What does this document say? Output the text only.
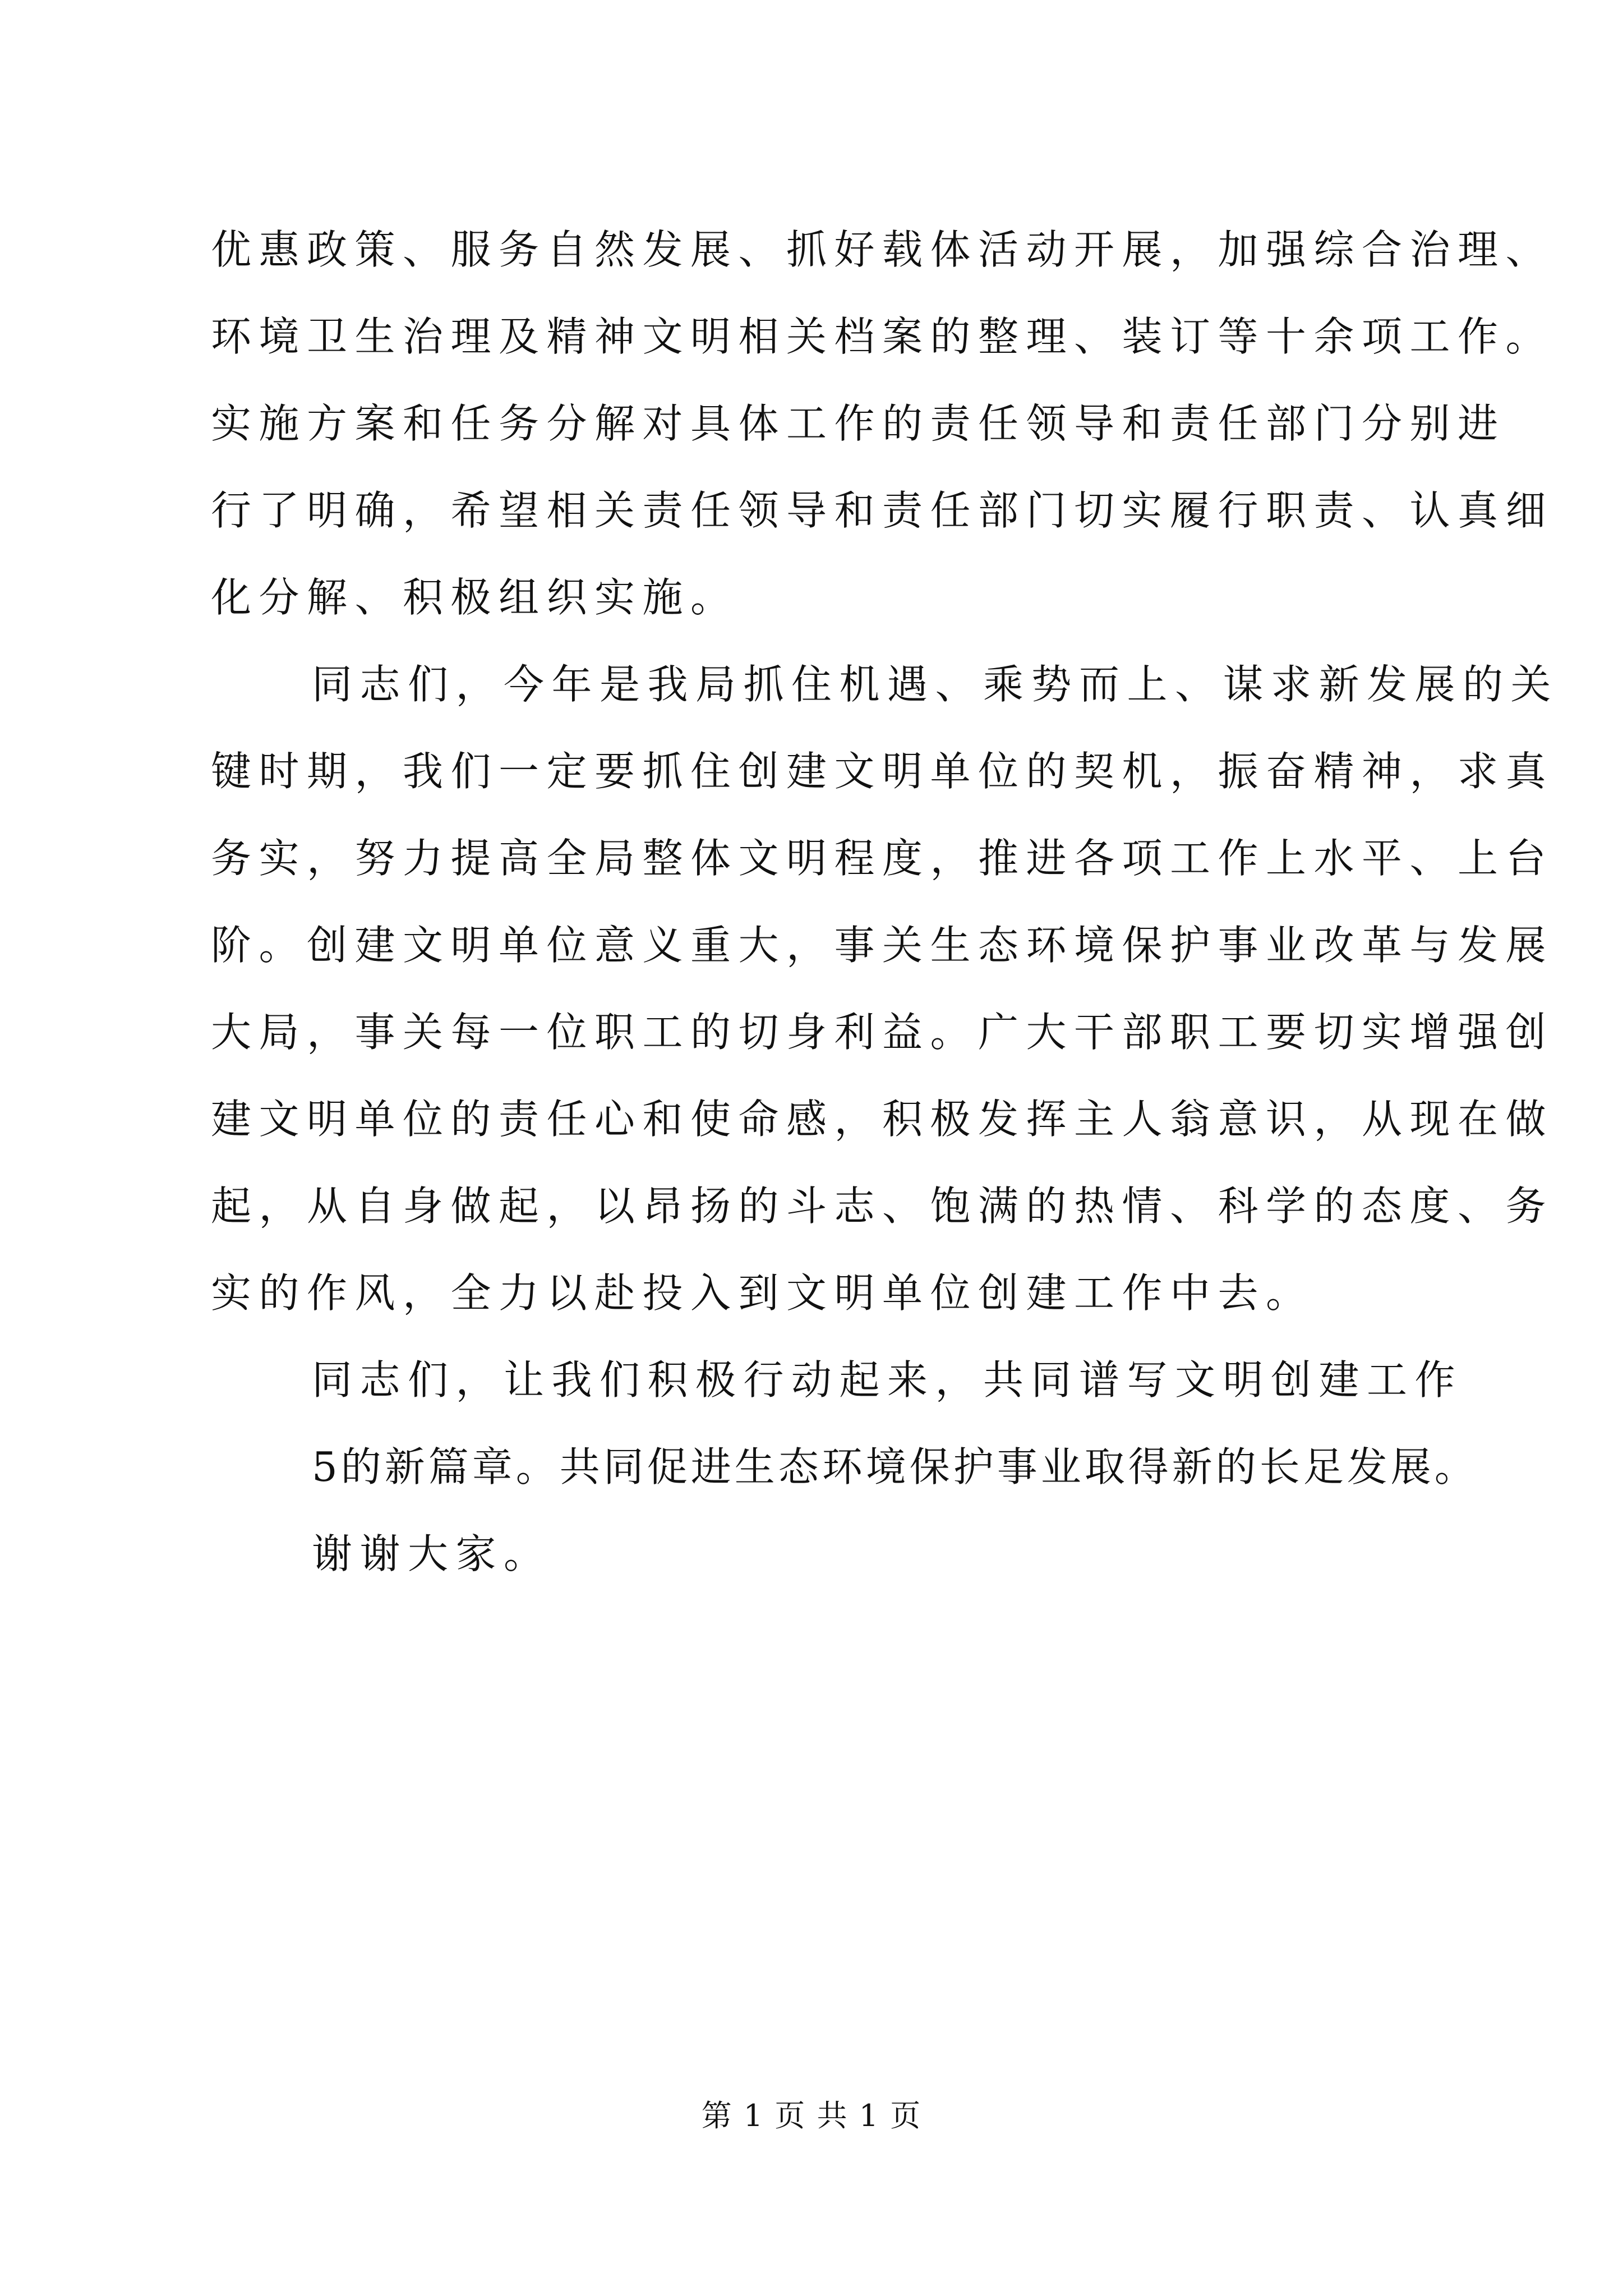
优惠政策、服务自然发展、抓好载体活动开展，加强综合治理、
环境卫生治理及精神文明相关档案的整理、装订等十余项工作。
实施方案和任务分解对具体工作的责任领导和责任部门分别进
行了明确，希望相关责任领导和责任部门切实履行职责、认真细
化分解、积极组织实施。
同志们，今年是我局抓住机遇、乘势而上、谋求新发展的关
键时期，我们一定要抓住创建文明单位的契机，振奋精神，求真
务实，努力提高全局整体文明程度，推进各项工作上水平、上台
阶。创建文明单位意义重大，事关生态环境保护事业改革与发展
大局，事关每一位职工的切身利益。广大干部职工要切实增强创
建文明单位的责任心和使命感，积极发挥主人翁意识，从现在做
起，从自身做起，以昂扬的斗志、饱满的热情、科学的态度、务
实的作风，全力以赴投入到文明单位创建工作中去。
同志们，让我们积极行动起来，共同谱写文明创建工作
5的新篇章。共同促进生态环境保护事业取得新的长足发展。
谢谢大家。
第 1 页 共 1 页
